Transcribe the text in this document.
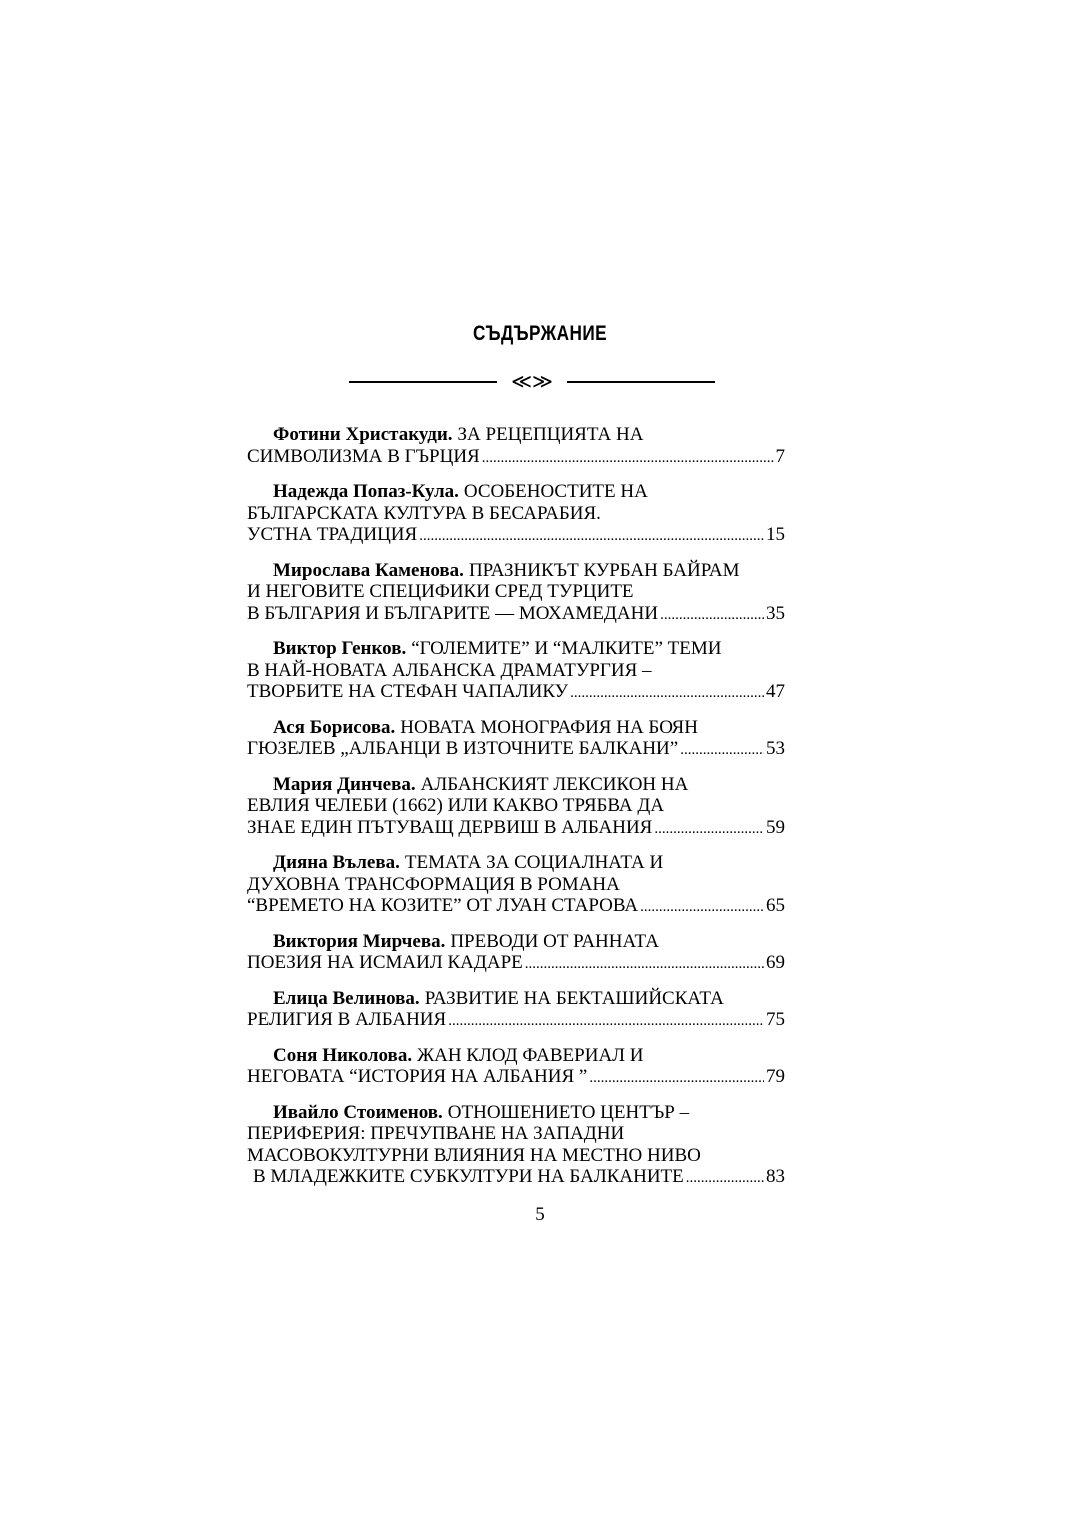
СЪДЪРЖАНИЕ
≪≫
Фотини Христакуди. ЗА РЕЦЕПЦИЯТА НА
СИМВОЛИЗМА В ГЪРЦИЯ .....	7
Надежда Попаз-Кула. ОСОБЕНОСТИТЕ НА
БЪЛГАРСКАТА КУЛТУРА В БЕСАРАБИЯ.
УСТНА ТРАДИЦИЯ .....	15
Мирослава Каменова. ПРАЗНИКЪТ КУРБАН БАЙРАМ
И НЕГОВИТЕ СПЕЦИФИКИ СРЕД ТУРЦИТЕ
В БЪЛГАРИЯ И БЪЛГАРИТЕ — МОХАМЕДАНИ .....	35
Виктор Генков. “ГОЛЕМИТЕ” И “МАЛКИТЕ” ТЕМИ
В НАЙ-НОВАТА АЛБАНСКА ДРАМАТУРГИЯ –
ТВОРБИТЕ НА СТЕФАН ЧАПАЛИКУ .....	47
Ася Борисова. НОВАТА МОНОГРАФИЯ НА БОЯН
ГЮЗЕЛЕВ „АЛБАНЦИ В ИЗТОЧНИТЕ БАЛКАНИ” .....	53
Мария Динчева. АЛБАНСКИЯТ ЛЕКСИКОН НА
ЕВЛИЯ ЧЕЛЕБИ (1662) ИЛИ КАКВО ТРЯБВА ДА
ЗНАЕ ЕДИН ПЪТУВАЩ ДЕРВИШ В АЛБАНИЯ .....	59
Дияна Вълева. ТЕМАТА ЗА СОЦИАЛНАТА И
ДУХОВНА ТРАНСФОРМАЦИЯ В РОМАНА
“ВРЕМЕТО НА КОЗИТЕ” ОТ ЛУАН СТАРОВА .....	65
Виктория Мирчева. ПРЕВОДИ ОТ РАННАТА
ПОЕЗИЯ НА ИСМАИЛ КАДАРЕ .....	69
Елица Велинова. РАЗВИТИЕ НА БЕКТАШИЙСКАТА
РЕЛИГИЯ В АЛБАНИЯ .....	75
Соня Николова. ЖАН КЛОД ФАВЕРИАЛ И
НЕГОВАТА “ИСТОРИЯ НА АЛБАНИЯ ” .....	79
Ивайло Стоименов. ОТНОШЕНИЕТО ЦЕНТЪР –
ПЕРИФЕРИЯ: ПРЕЧУПВАНЕ НА ЗАПАДНИ
МАСОВОКУЛТУРНИ ВЛИЯНИЯ НА МЕСТНО НИВО
В МЛАДЕЖКИТЕ СУБКУЛТУРИ НА БАЛКАНИТЕ .....	83
5
